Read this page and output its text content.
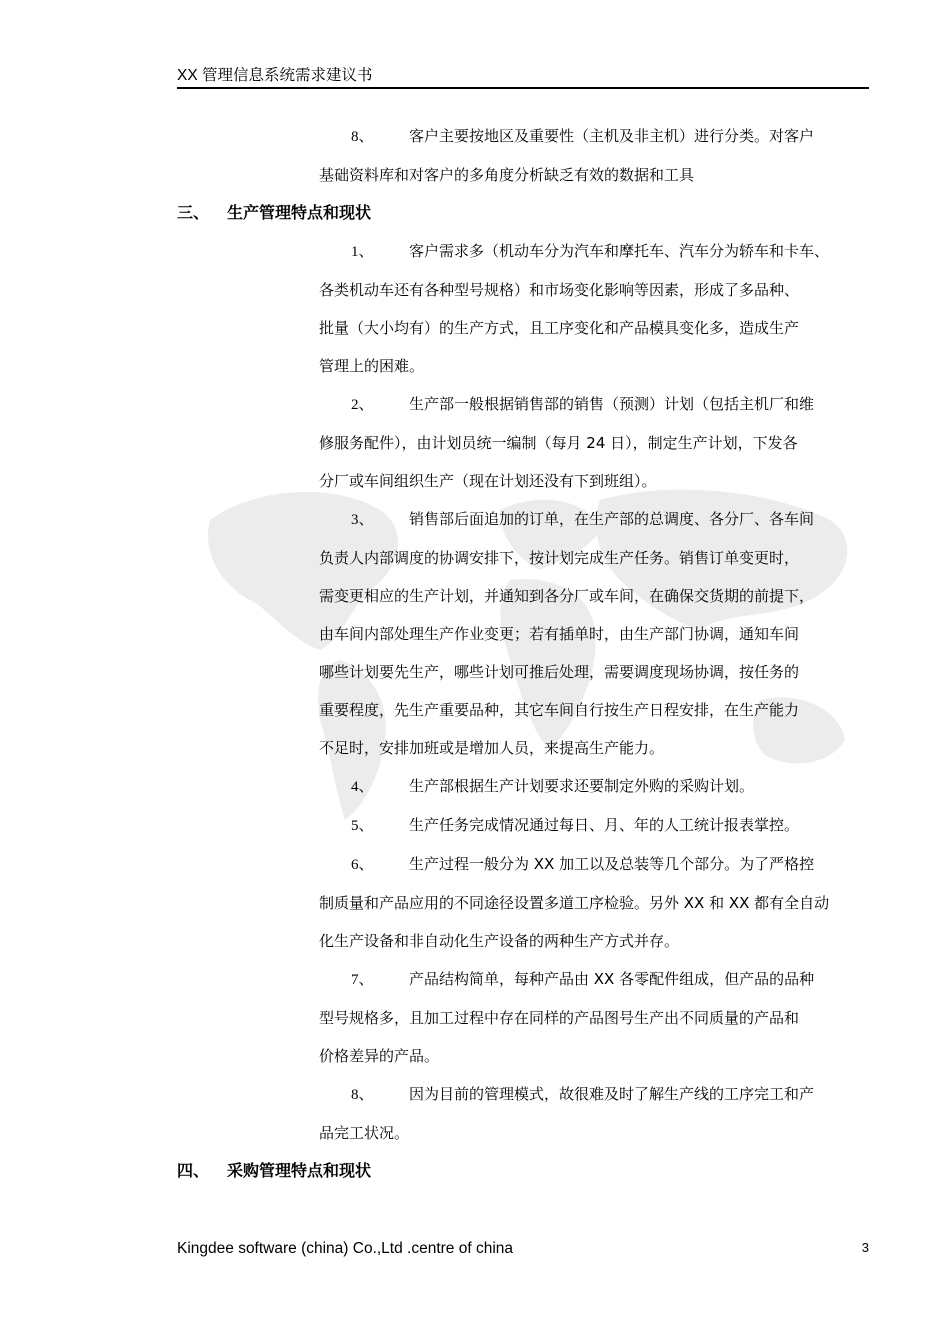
XX 管理信息系统需求建议书
8、 客户主要按地区及重要性（主机及非主机）进行分类。对客户
基础资料库和对客户的多角度分析缺乏有效的数据和工具
三、 生产管理特点和现状
1、 客户需求多（机动车分为汽车和摩托车、汽车分为轿车和卡车、
各类机动车还有各种型号规格）和市场变化影响等因素，形成了多品种、
批量（大小均有）的生产方式，且工序变化和产品模具变化多，造成生产
管理上的困难。
2、 生产部一般根据销售部的销售（预测）计划（包括主机厂和维
修服务配件），由计划员统一编制（每月 24 日），制定生产计划，下发各
分厂或车间组织生产（现在计划还没有下到班组）。
3、 销售部后面追加的订单，在生产部的总调度、各分厂、各车间
负责人内部调度的协调安排下，按计划完成生产任务。销售订单变更时，
需变更相应的生产计划，并通知到各分厂或车间，在确保交货期的前提下，
由车间内部处理生产作业变更；若有插单时，由生产部门协调，通知车间
哪些计划要先生产，哪些计划可推后处理，需要调度现场协调，按任务的
重要程度，先生产重要品种，其它车间自行按生产日程安排，在生产能力
不足时，安排加班或是增加人员，来提高生产能力。
4、 生产部根据生产计划要求还要制定外购的采购计划。
5、 生产任务完成情况通过每日、月、年的人工统计报表掌控。
6、 生产过程一般分为 XX 加工以及总装等几个部分。为了严格控
制质量和产品应用的不同途径设置多道工序检验。另外 XX 和 XX 都有全自动
化生产设备和非自动化生产设备的两种生产方式并存。
7、 产品结构简单，每种产品由 XX 各零配件组成，但产品的品种
型号规格多，且加工过程中存在同样的产品图号生产出不同质量的产品和
价格差异的产品。
8、 因为目前的管理模式，故很难及时了解生产线的工序完工和产
品完工状况。
四、 采购管理特点和现状
Kingdee software (china) Co.,Ltd .centre of china	3
